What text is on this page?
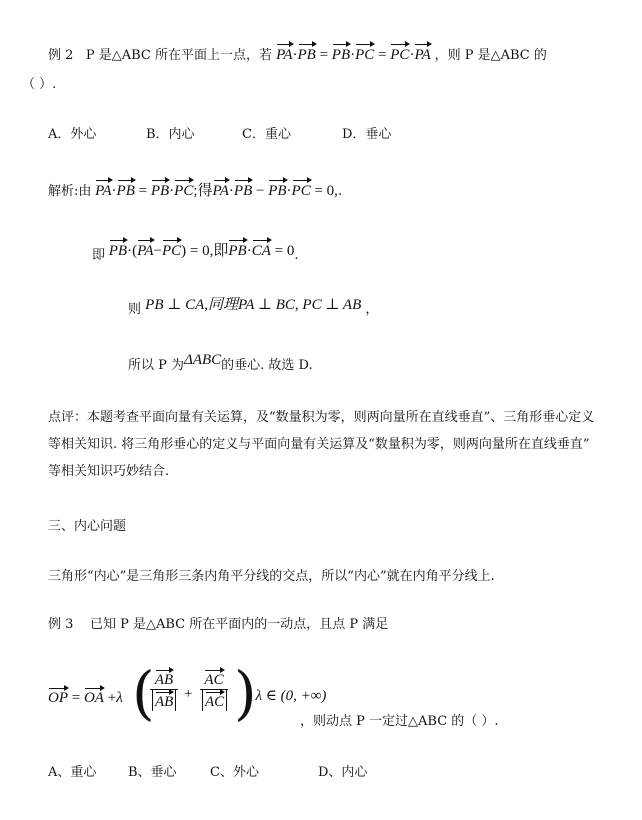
例 2 P 是△ABC 所在平面上一点，若 PA·PB = PB·PC = PC·PA ，则 P 是△ABC 的
（ ）.
A．外心	B．内心	C．重心	D．垂心
解析:由 PA·PB = PB·PC;得PA·PB − PB·PC = 0,.
即 PB·(PA−PC) = 0,即PB·CA = 0.
则 PB ⊥ CA,同理PA ⊥ BC, PC ⊥ AB ，
所以 P 为ΔABC的垂心. 故选 D.
点评：本题考查平面向量有关运算，及“数量积为零，则两向量所在直线垂直”、三角形垂心定义等相关知识. 将三角形垂心的定义与平面向量有关运算及“数量积为零，则两向量所在直线垂直” 等相关知识巧妙结合.
三、内心问题
三角形“内心”是三角形三条内角平分线的交点，所以“内心”就在内角平分线上.
例 3 已知 P 是△ABC 所在平面内的一动点，且点 P 满足
OP = OA +λ (
$\frac{AB}{AB} + \frac{AC}{AC}$ )
, λ ∈ (0, +∞)
，则动点 P 一定过△ABC 的（ ）.
A、重心 B、垂心	C、外心	D、内心
